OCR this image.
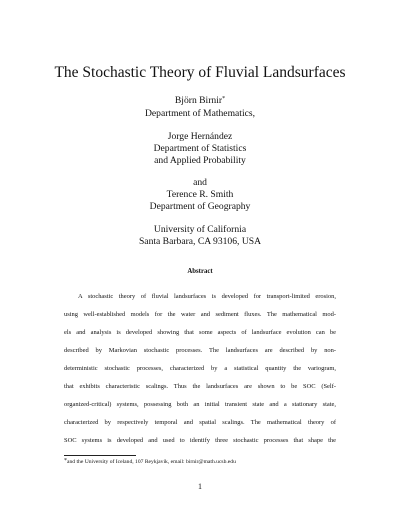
The Stochastic Theory of Fluvial Landsurfaces
Björn Birnir*
Department of Mathematics,
Jorge Hernández
Department of Statistics
and Applied Probability
and
Terence R. Smith
Department of Geography
University of California
Santa Barbara, CA 93106, USA
Abstract
A stochastic theory of fluvial landsurfaces is developed for transport-limited erosion,
using well-established models for the water and sediment fluxes. The mathematical mod-
els and analysis is developed showing that some aspects of landsurface evolution can be
described by Markovian stochastic processes. The landsurfaces are described by non-
deterministic stochastic processes, characterized by a statistical quantity the variogram,
that exhibits characteristic scalings. Thus the landsurfaces are shown to be SOC (Self-
organized-critical) systems, possessing both an initial transient state and a stationary state,
characterized by respectively temporal and spatial scalings. The mathematical theory of
SOC systems is developed and used to identify three stochastic processes that shape the
*and the University of Iceland, 107 Reykjavik, email: birnir@math.ucsb.edu
1
